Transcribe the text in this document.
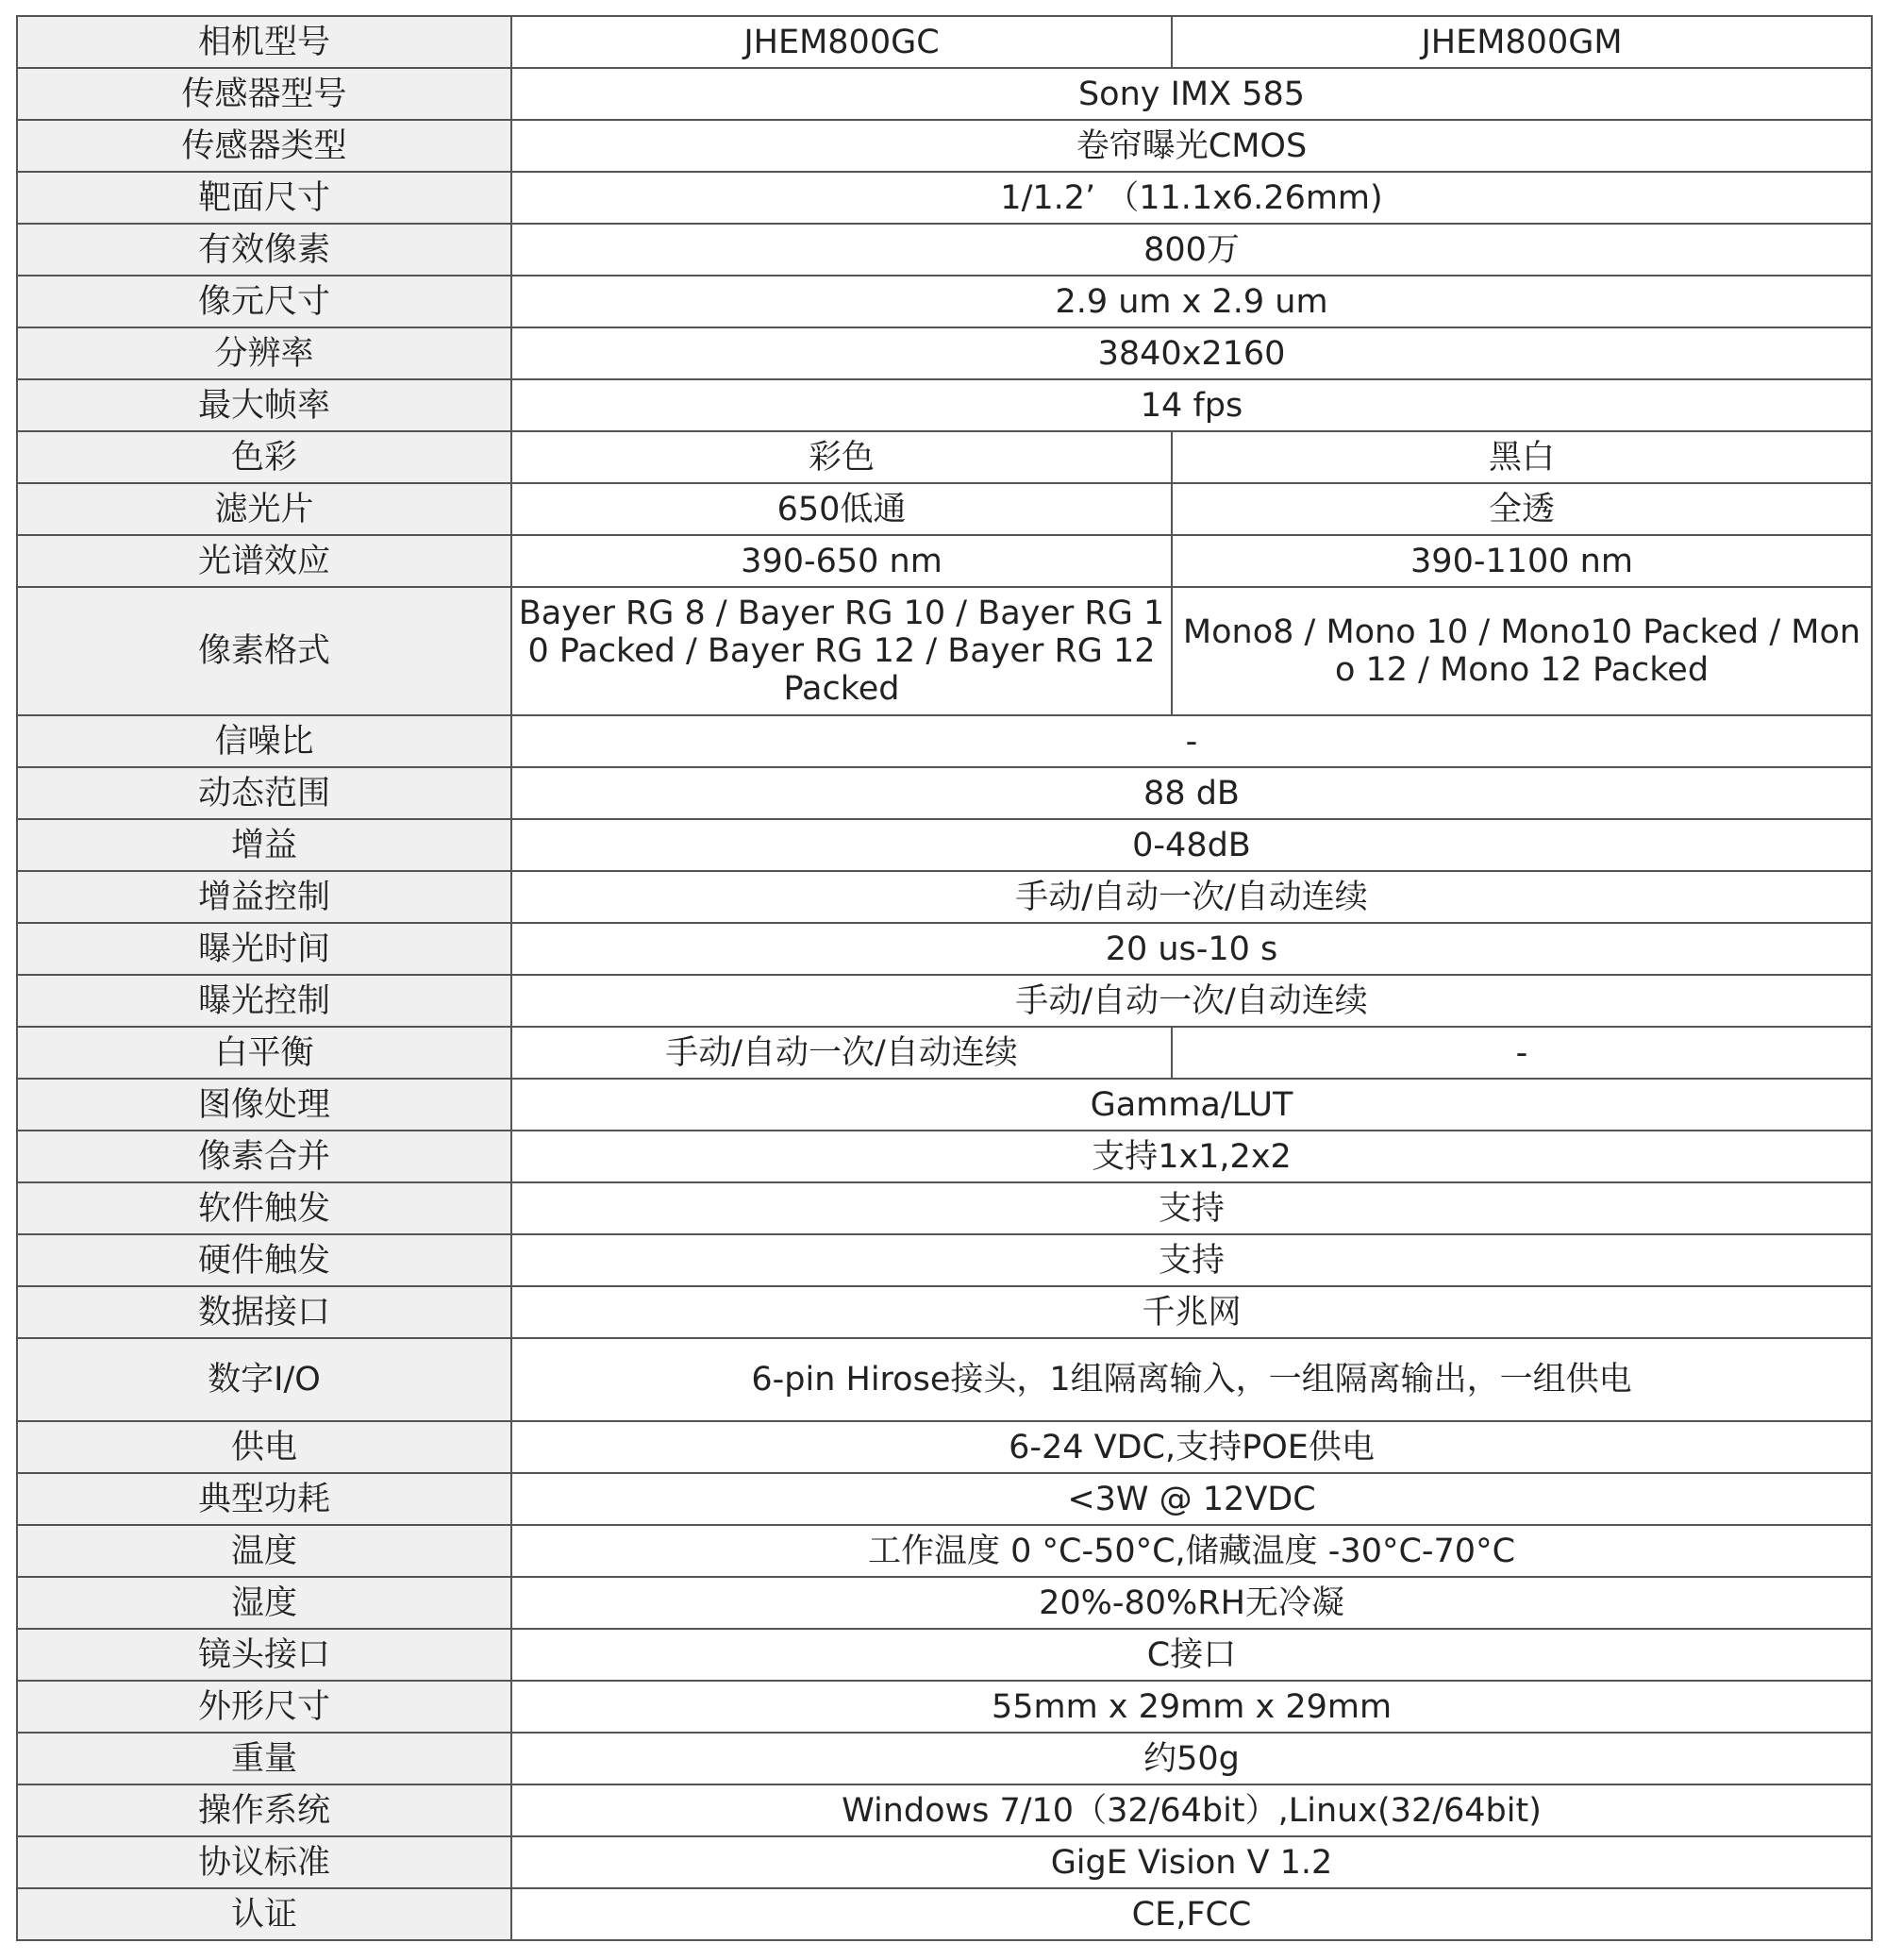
相机型号	JHEM800GC	JHEM800GM
传感器型号	Sony IMX 585	
传感器类型	卷帘曝光CMOS	
靶面尺寸	1/1.2’ （11.1x6.26mm)	
有效像素	800万	
像元尺寸	2.9 um x 2.9 um	
分辨率	3840x2160	
最大帧率	14 fps	
色彩	彩色	黑白
滤光片	650低通	全透
光谱效应	390-650 nm	390-1100 nm
像素格式	Bayer RG 8 / Bayer RG 10 / Bayer RG 10 Packed / Bayer RG 12 / Bayer RG 12 Packed	Mono8 / Mono 10 / Mono10 Packed / Mono 12 / Mono 12 Packed
信噪比	-	
动态范围	88 dB	
增益	0-48dB	
增益控制	手动/自动一次/自动连续	
曝光时间	20 us-10 s	
曝光控制	手动/自动一次/自动连续	
白平衡	手动/自动一次/自动连续	-
图像处理	Gamma/LUT	
像素合并	支持1x1,2x2	
软件触发	支持	
硬件触发	支持	
数据接口	千兆网	
数字I/O	6-pin Hirose接头，1组隔离输入，一组隔离输出，一组供电	
供电	6-24 VDC,支持POE供电	
典型功耗	<3W @ 12VDC	
温度	工作温度 0 °C-50°C,储藏温度 -30°C-70°C	
湿度	20%-80%RH无冷凝	
镜头接口	C接口	
外形尺寸	55mm x 29mm x 29mm	
重量	约50g	
操作系统	Windows 7/10（32/64bit）,Linux(32/64bit)	
协议标准	GigE Vision V 1.2	
认证	CE,FCC	
